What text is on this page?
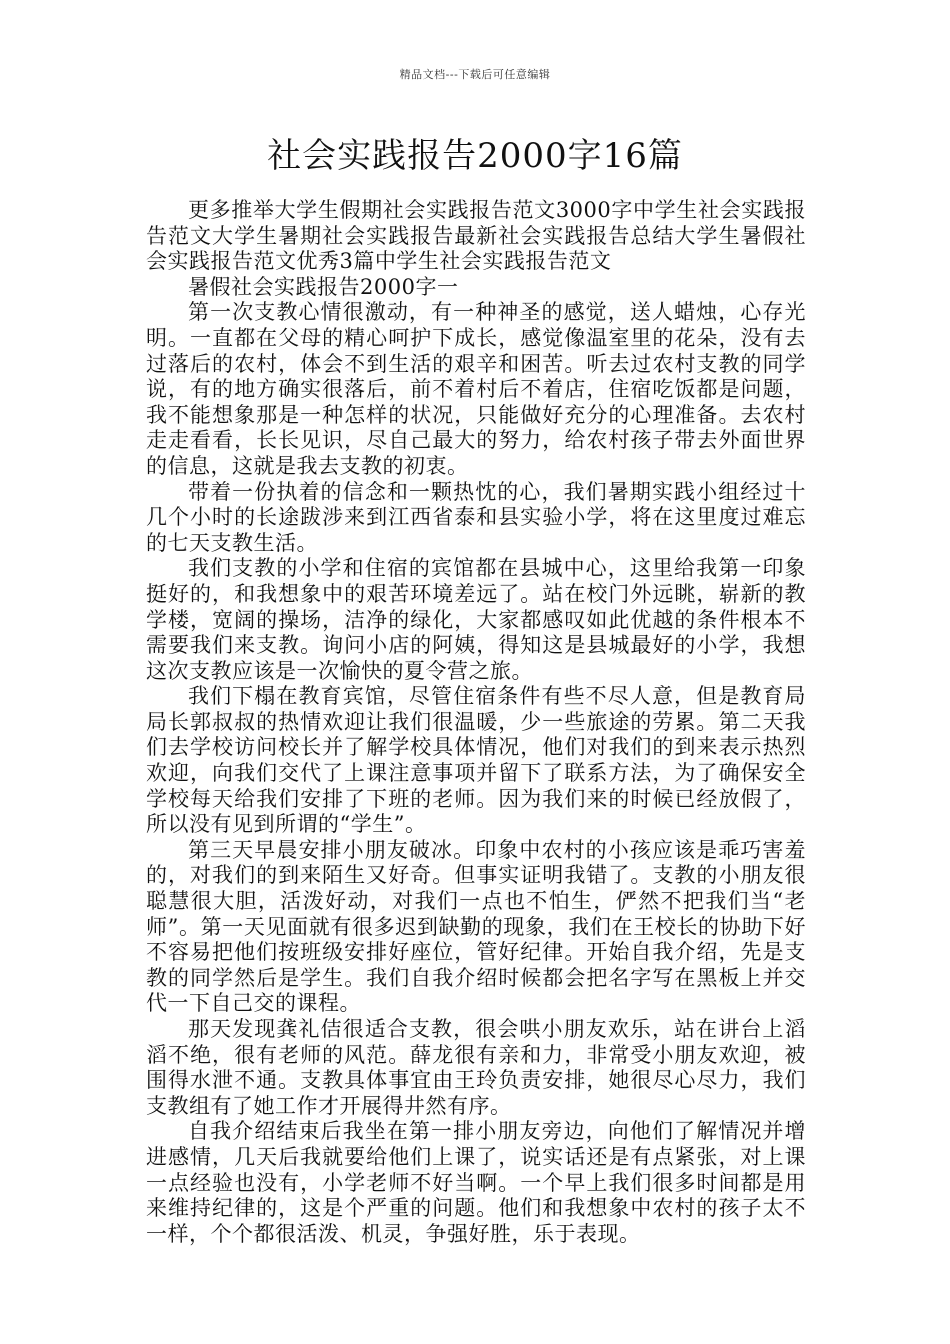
精品文档---下载后可任意编辑
社会实践报告2000字16篇

更多推举大学生假期社会实践报告范文3000字中学生社会实践报告范文大学生暑期社会实践报告最新社会实践报告总结大学生暑假社会实践报告范文优秀3篇中学生社会实践报告范文

暑假社会实践报告2000字一

第一次支教心情很激动，有一种神圣的感觉，送人蜡烛，心存光明。一直都在父母的精心呵护下成长，感觉像温室里的花朵，没有去过落后的农村，体会不到生活的艰辛和困苦。听去过农村支教的同学说，有的地方确实很落后，前不着村后不着店，住宿吃饭都是问题，我不能想象那是一种怎样的状况，只能做好充分的心理准备。去农村走走看看，长长见识，尽自己最大的努力，给农村孩子带去外面世界的信息，这就是我去支教的初衷。

带着一份执着的信念和一颗热忱的心，我们暑期实践小组经过十几个小时的长途跋涉来到江西省泰和县实验小学，将在这里度过难忘的七天支教生活。

我们支教的小学和住宿的宾馆都在县城中心，这里给我第一印象挺好的，和我想象中的艰苦环境差远了。站在校门外远眺，崭新的教学楼，宽阔的操场，洁净的绿化，大家都感叹如此优越的条件根本不需要我们来支教。询问小店的阿姨，得知这是县城最好的小学，我想这次支教应该是一次愉快的夏令营之旅。

我们下榻在教育宾馆，尽管住宿条件有些不尽人意，但是教育局局长郭叔叔的热情欢迎让我们很温暖，少一些旅途的劳累。第二天我们去学校访问校长并了解学校具体情况，他们对我们的到来表示热烈欢迎，向我们交代了上课注意事项并留下了联系方法，为了确保安全学校每天给我们安排了下班的老师。因为我们来的时候已经放假了，所以没有见到所谓的“学生”。

第三天早晨安排小朋友破冰。印象中农村的小孩应该是乖巧害羞的，对我们的到来陌生又好奇。但事实证明我错了。支教的小朋友很聪慧很大胆，活泼好动，对我们一点也不怕生，俨然不把我们当“老师”。第一天见面就有很多迟到缺勤的现象，我们在王校长的协助下好不容易把他们按班级安排好座位，管好纪律。开始自我介绍，先是支教的同学然后是学生。我们自我介绍时候都会把名字写在黑板上并交代一下自己交的课程。

那天发现龚礼佶很适合支教，很会哄小朋友欢乐，站在讲台上滔滔不绝，很有老师的风范。薛龙很有亲和力，非常受小朋友欢迎，被围得水泄不通。支教具体事宜由王玲负责安排，她很尽心尽力，我们支教组有了她工作才开展得井然有序。

自我介绍结束后我坐在第一排小朋友旁边，向他们了解情况并增进感情，几天后我就要给他们上课了，说实话还是有点紧张，对上课一点经验也没有，小学老师不好当啊。一个早上我们很多时间都是用来维持纪律的，这是个严重的问题。他们和我想象中农村的孩子太不一样，个个都很活泼、机灵，争强好胜，乐于表现。
